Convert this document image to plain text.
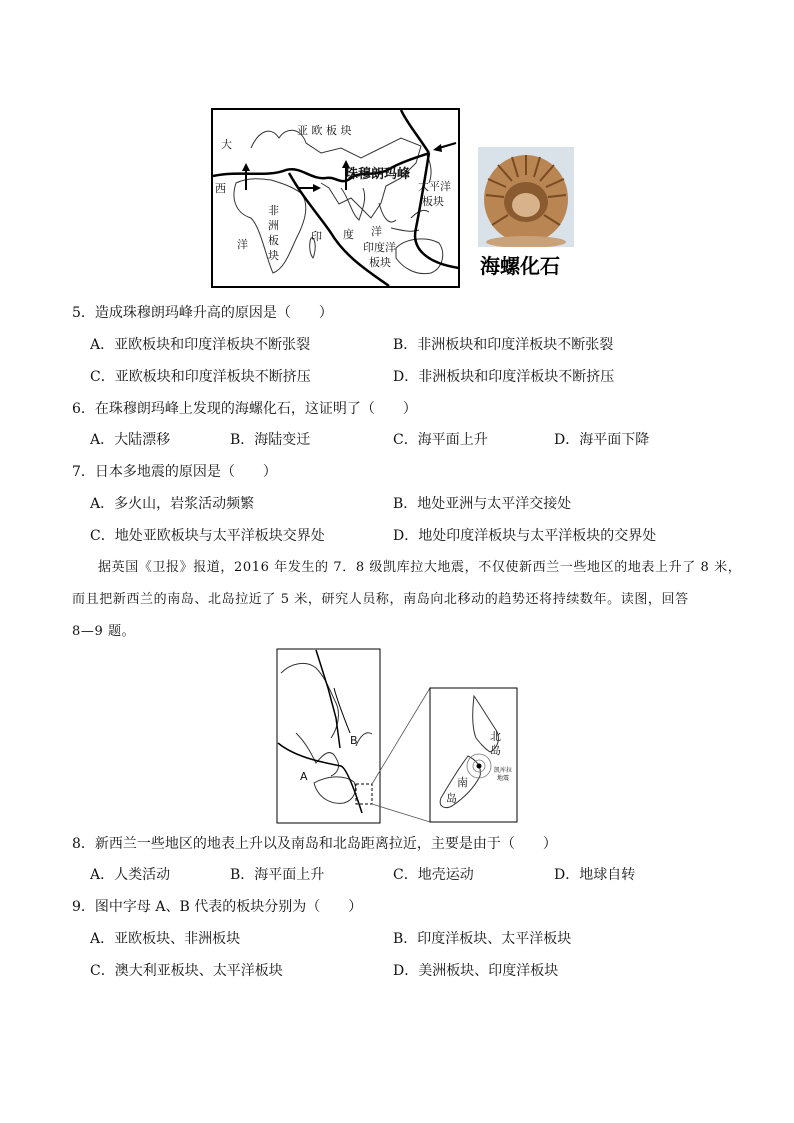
亚 欧 板 块
大
西
洋
非
洲
板
块
珠穆朗玛峰
太平洋
板块
印 度 洋
印度洋
板块	海螺化石
5．造成珠穆朗玛峰升高的原因是（　　）
A．亚欧板块和印度洋板块不断张裂	B．非洲板块和印度洋板块不断张裂
C．亚欧板块和印度洋板块不断挤压	D．非洲板块和印度洋板块不断挤压
6．在珠穆朗玛峰上发现的海螺化石，这证明了（　　）
A．大陆漂移	B．海陆变迁	C．海平面上升	D．海平面下降
7．日本多地震的原因是（　　）
A．多火山，岩浆活动频繁	B．地处亚洲与太平洋交接处
C．地处亚欧板块与太平洋板块交界处	D．地处印度洋板块与太平洋板块的交界处
据英国《卫报》报道，2016 年发生的 7．8 级凯库拉大地震，不仅使新西兰一些地区的地表上升了 8 米，
而且把新西兰的南岛、北岛拉近了 5 米，研究人员称，南岛向北移动的趋势还将持续数年。读图，回答
8—9 题。
B
A
北
岛
南
岛
凯库拉
地震
8．新西兰一些地区的地表上升以及南岛和北岛距离拉近，主要是由于（　　）
A．人类活动	B．海平面上升	C．地壳运动	D．地球自转
9．图中字母 A、B 代表的板块分别为（　　）
A．亚欧板块、非洲板块	B．印度洋板块、太平洋板块
C．澳大利亚板块、太平洋板块	D．美洲板块、印度洋板块
